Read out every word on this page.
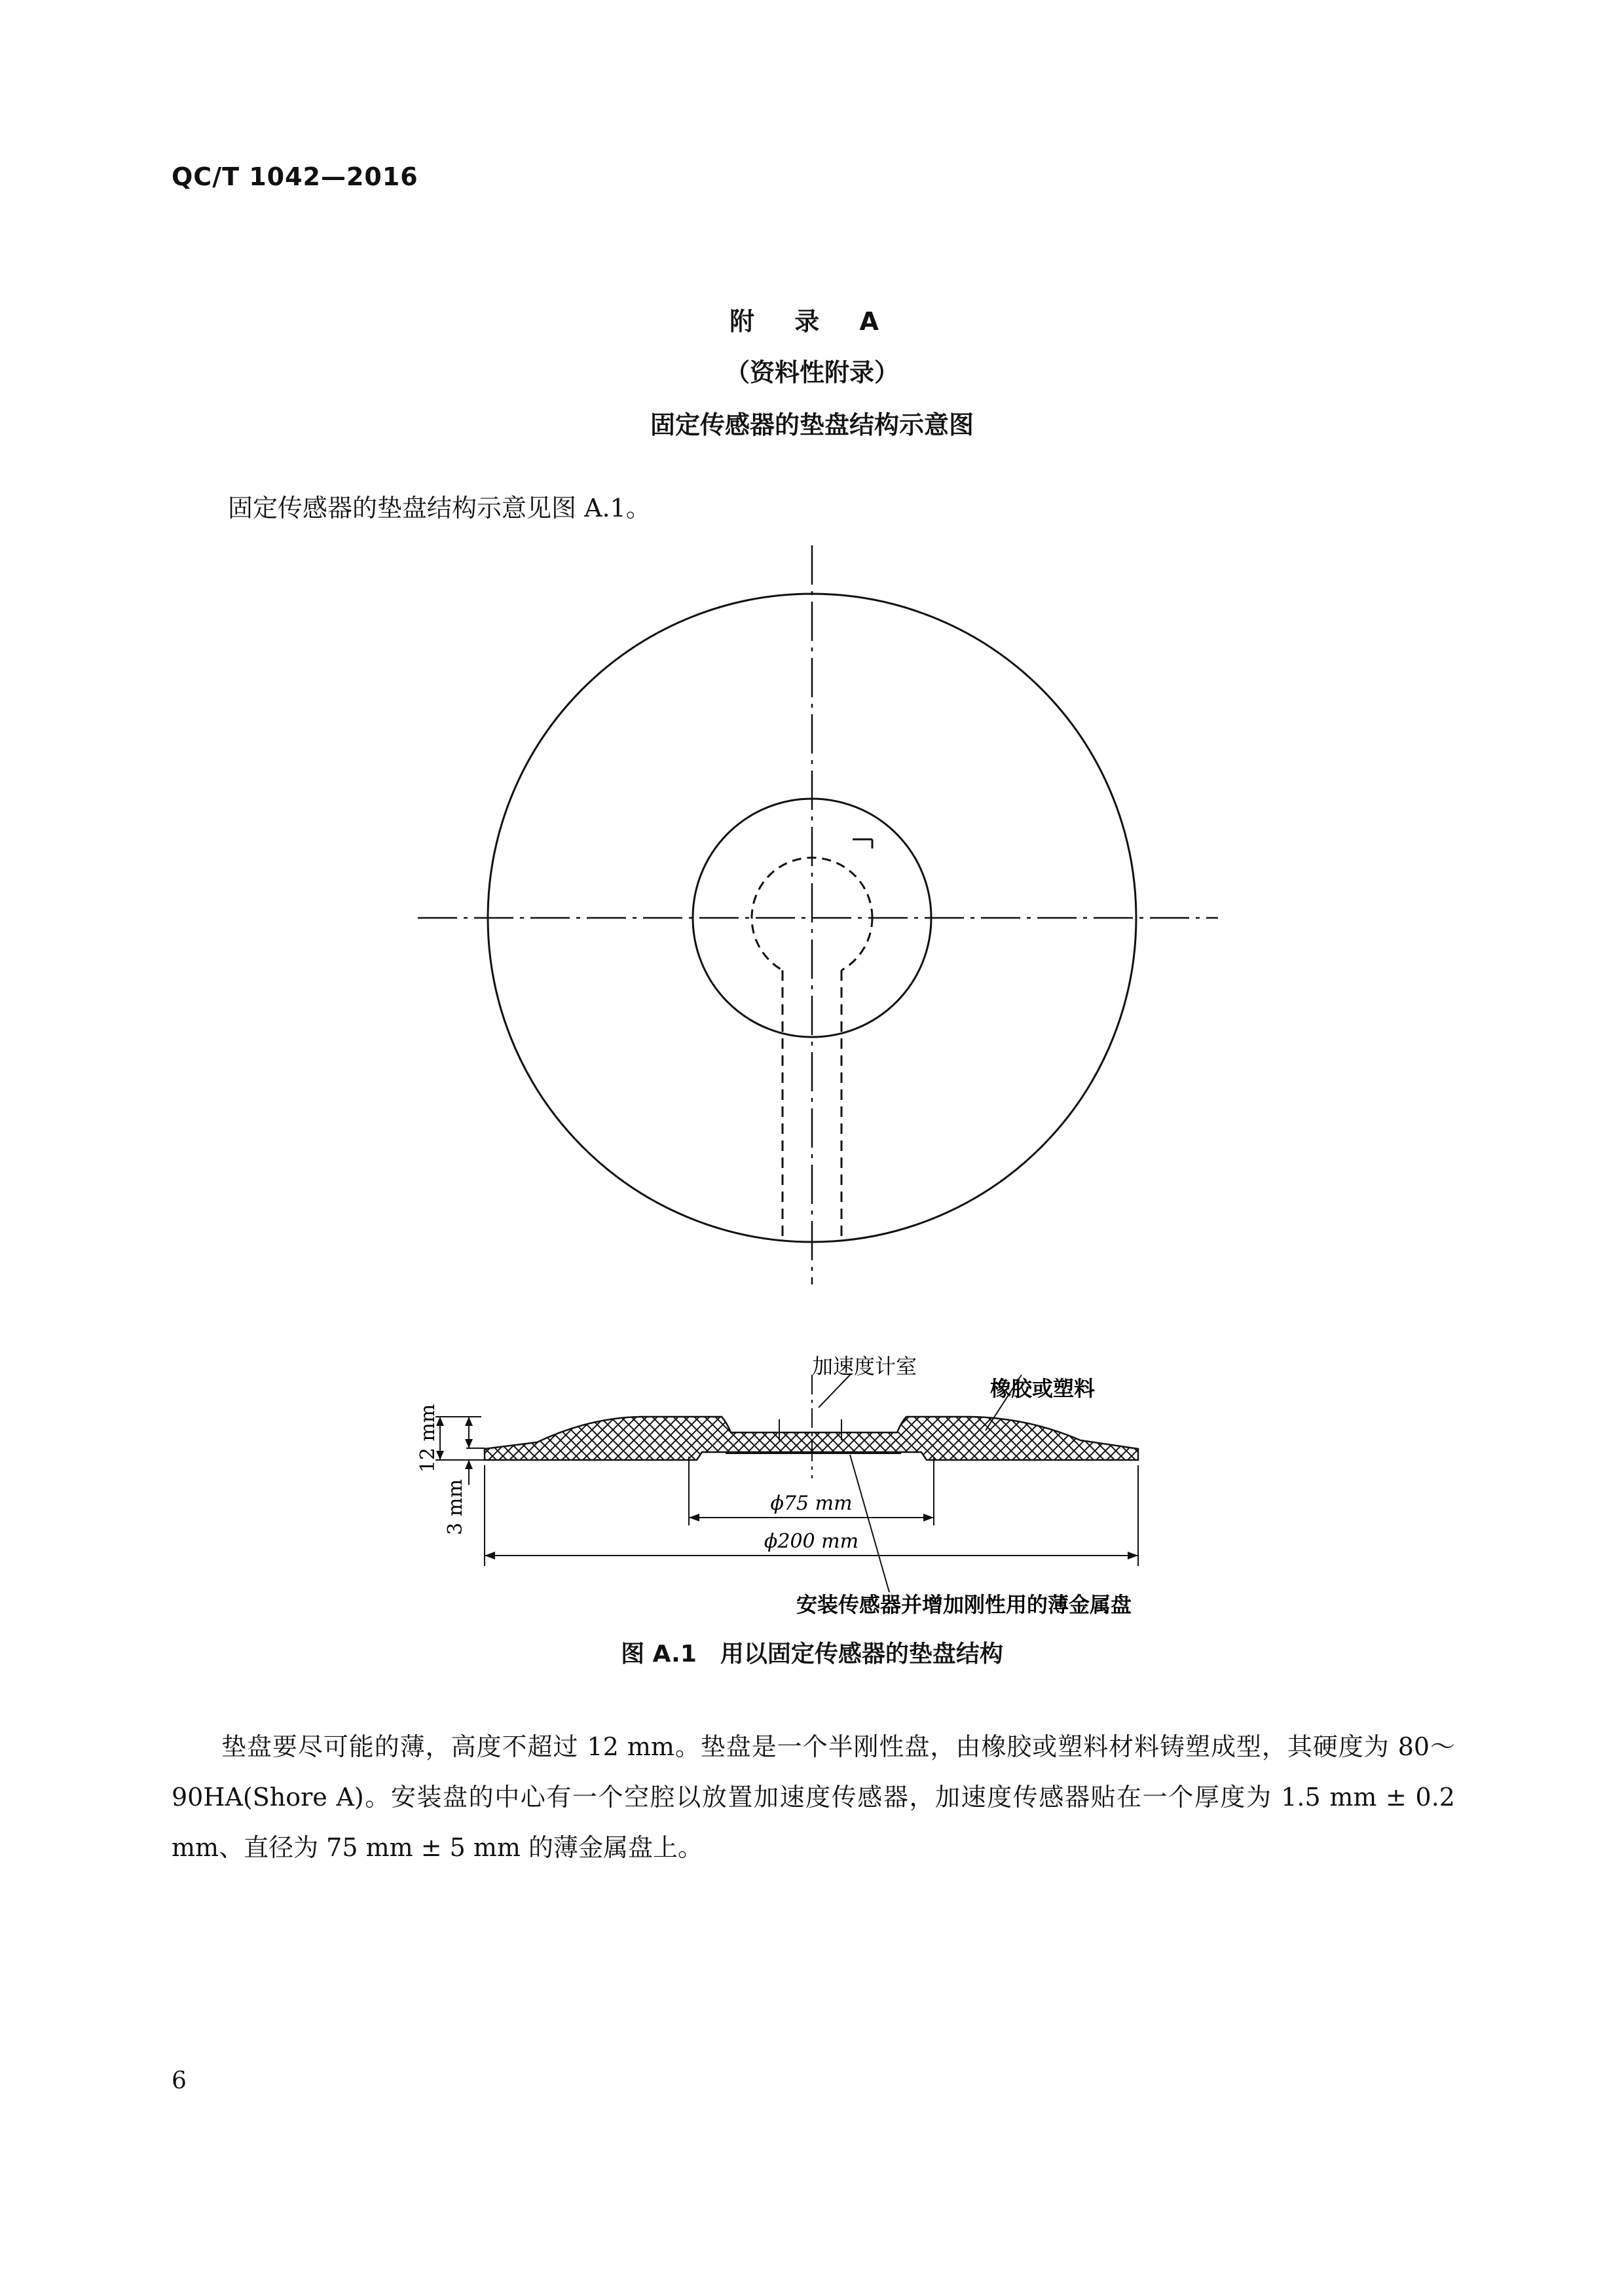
QC/T 1042—2016
附 录 A
（资料性附录）
固定传感器的垫盘结构示意图
固定传感器的垫盘结构示意见图 A.1。
加速度计室
橡胶或塑料
12 mm
3 mm	ϕ75 mm
ϕ200 mm
安装传感器并增加刚性用的薄金属盘
图 A.1　用以固定传感器的垫盘结构
垫盘要尽可能的薄，高度不超过 12 mm。垫盘是一个半刚性盘，由橡胶或塑料材料铸塑成型，其硬度为 80～90HA(Shore A)。安装盘的中心有一个空腔以放置加速度传感器，加速度传感器贴在一个厚度为 1.5 mm ± 0.2 mm、直径为 75 mm ± 5 mm 的薄金属盘上。
6
